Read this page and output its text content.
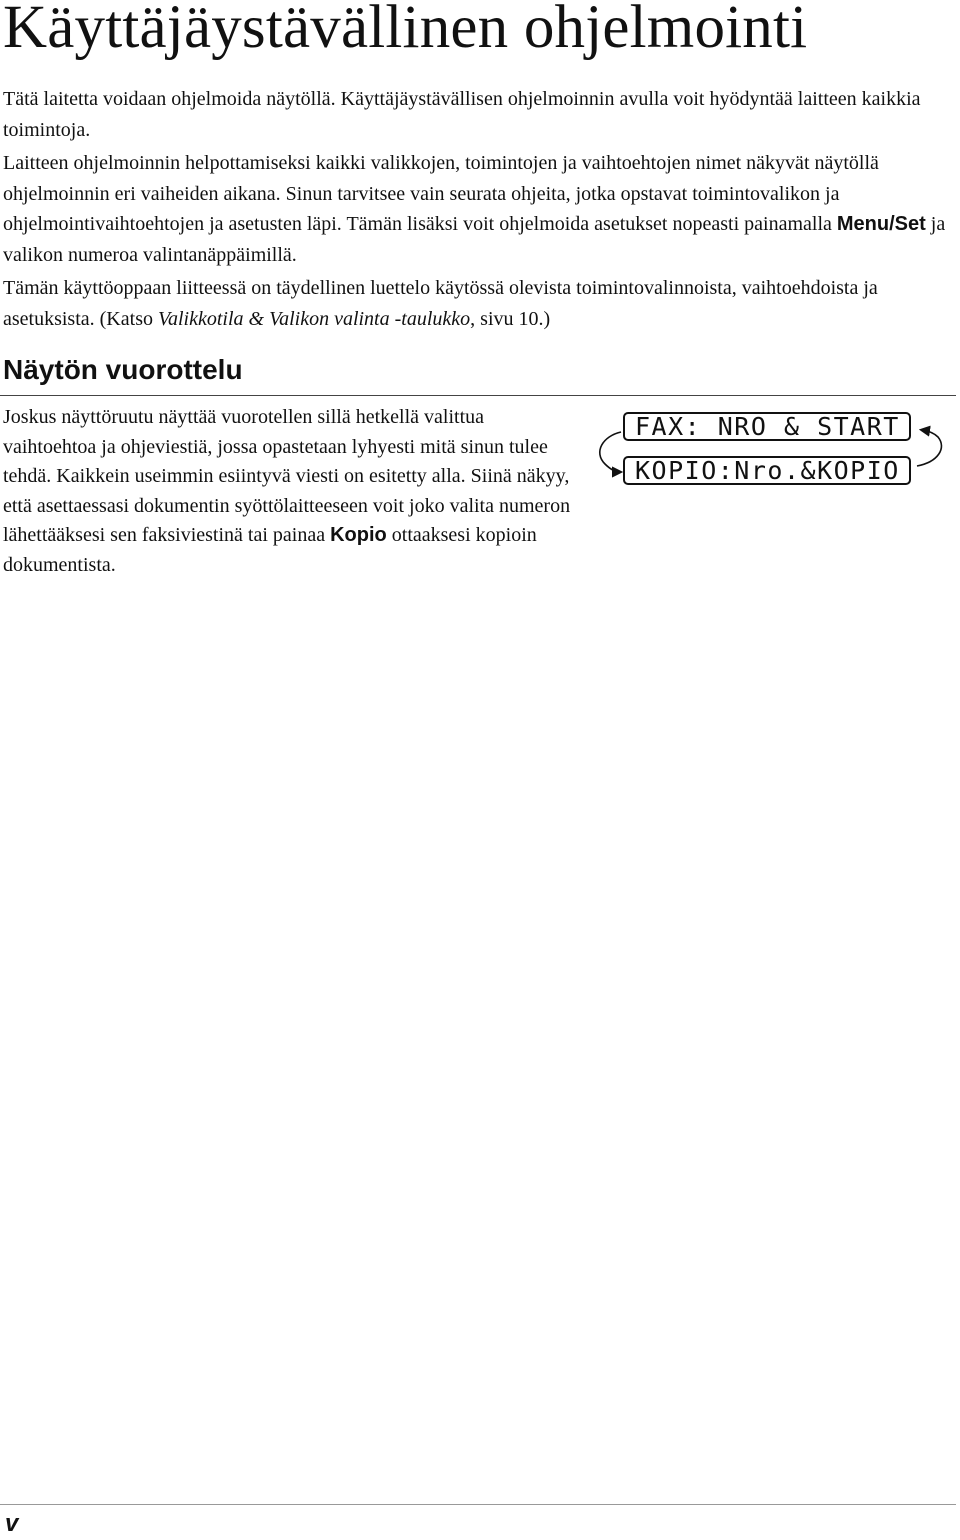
Käyttäjäystävällinen ohjelmointi

Tätä laitetta voidaan ohjelmoida näytöllä. Käyttäjäystävällisen ohjelmoinnin avulla voit hyödyntää laitteen kaikkia toimintoja.

Laitteen ohjelmoinnin helpottamiseksi kaikki valikkojen, toimintojen ja vaihtoehtojen nimet näkyvät näytöllä ohjelmoinnin eri vaiheiden aikana. Sinun tarvitsee vain seurata ohjeita, jotka opstavat toimintovalikon ja ohjelmointivaihtoehtojen ja asetusten läpi. Tämän lisäksi voit ohjelmoida asetukset nopeasti painamalla Menu/Set ja valikon numeroa valintanäppäimillä.

Tämän käyttöoppaan liitteessä on täydellinen luettelo käytössä olevista toimintovalinnoista, vaihtoehdoista ja asetuksista. (Katso Valikkotila & Valikon valinta -taulukko, sivu 10.)

Näytön vuorottelu

Joskus näyttöruutu näyttää vuorotellen sillä hetkellä valittua vaihtoehtoa ja ohjeviestiä, jossa opastetaan lyhyesti mitä sinun tulee tehdä. Kaikkein useimmin esiintyvä viesti on esitetty alla. Siinä näkyy, että asettaessasi dokumentin syöttölaitteeseen voit joko valita numeron lähettääksesi sen faksiviestinä tai painaa Kopio ottaaksesi kopioin dokumentista.

FAX: NRO & START
KOPIO:Nro.&KOPIO
v
